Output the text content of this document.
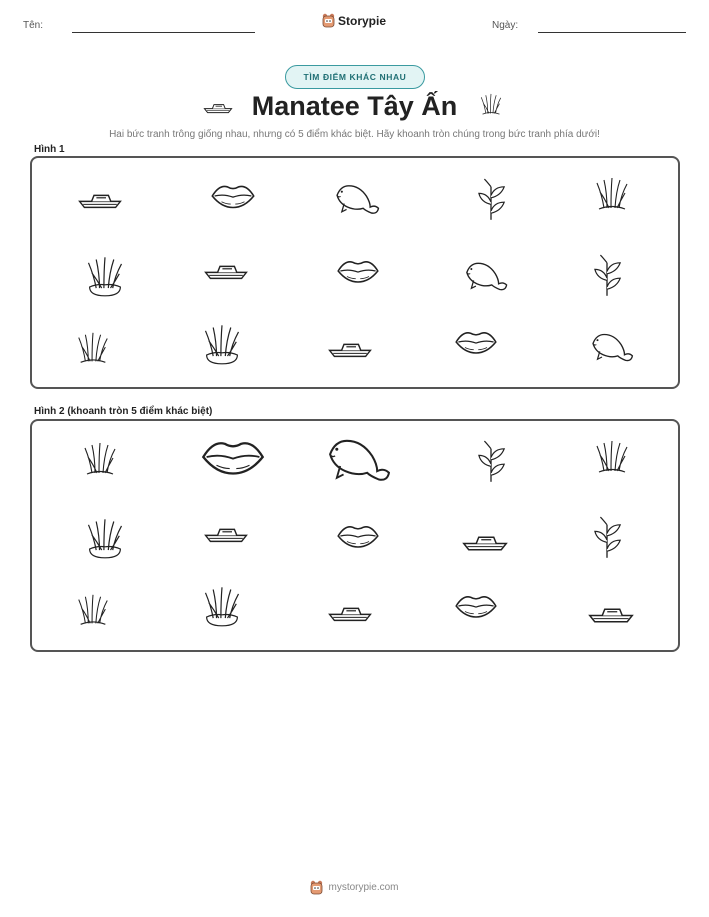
Tên:	Storypie	Ngày:
TÌM ĐIỂM KHÁC NHAU
Manatee Tây Ấn
Hai bức tranh trông giống nhau, nhưng có 5 điểm khác biệt. Hãy khoanh tròn chúng trong bức tranh phía dưới!
Hình 1
Hình 2 (khoanh tròn 5 điểm khác biệt)
mystorypie.com
